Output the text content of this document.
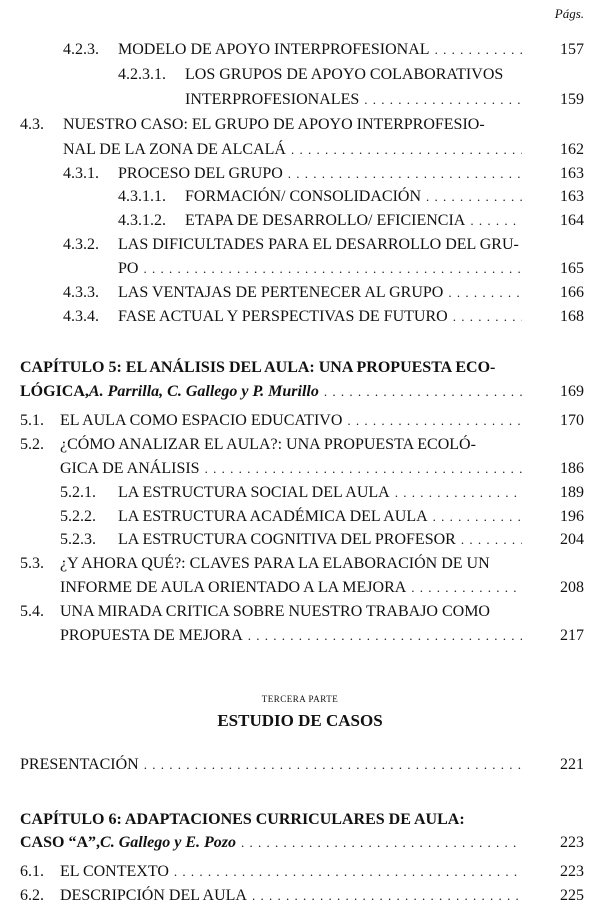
Págs.
4.2.3. MODELO DE APOYO INTERPROFESIONAL . . .	157
4.2.3.1. LOS GRUPOS DE APOYO COLABORATIVOS
INTERPROFESIONALES . . .	159
4.3. NUESTRO CASO: EL GRUPO DE APOYO INTERPROFESIO-
NAL DE LA ZONA DE ALCALÁ . . .	162
4.3.1. PROCESO DEL GRUPO . . .	163
4.3.1.1. FORMACIÓN/ CONSOLIDACIÓN . . .	163
4.3.1.2. ETAPA DE DESARROLLO/ EFICIENCIA . . .	164
4.3.2. LAS DIFICULTADES PARA EL DESARROLLO DEL GRU-
PO . . .	165
4.3.3. LAS VENTAJAS DE PERTENECER AL GRUPO . . .	166
4.3.4. FASE ACTUAL Y PERSPECTIVAS DE FUTURO . . .	168
CAPÍTULO 5: EL ANÁLISIS DEL AULA: UNA PROPUESTA ECO-
LÓGICA, A. Parrilla, C. Gallego y P. Murillo . . .	169
5.1. EL AULA COMO ESPACIO EDUCATIVO . . .	170
5.2. ¿CÓMO ANALIZAR EL AULA?: UNA PROPUESTA ECOLÓ-
GICA DE ANÁLISIS . . .	186
5.2.1. LA ESTRUCTURA SOCIAL DEL AULA . . .	189
5.2.2. LA ESTRUCTURA ACADÉMICA DEL AULA . . .	196
5.2.3. LA ESTRUCTURA COGNITIVA DEL PROFESOR . . .	204
5.3. ¿Y AHORA QUÉ?: CLAVES PARA LA ELABORACIÓN DE UN
INFORME DE AULA ORIENTADO A LA MEJORA . . .	208
5.4. UNA MIRADA CRITICA SOBRE NUESTRO TRABAJO COMO
PROPUESTA DE MEJORA . . .	217
TERCERA PARTE
ESTUDIO DE CASOS
PRESENTACIÓN . . .	221
CAPÍTULO 6: ADAPTACIONES CURRICULARES DE AULA:
CASO “A”, C. Gallego y E. Pozo . . .	223
6.1. EL CONTEXTO . . .	223
6.2. DESCRIPCIÓN DEL AULA . . .	225
